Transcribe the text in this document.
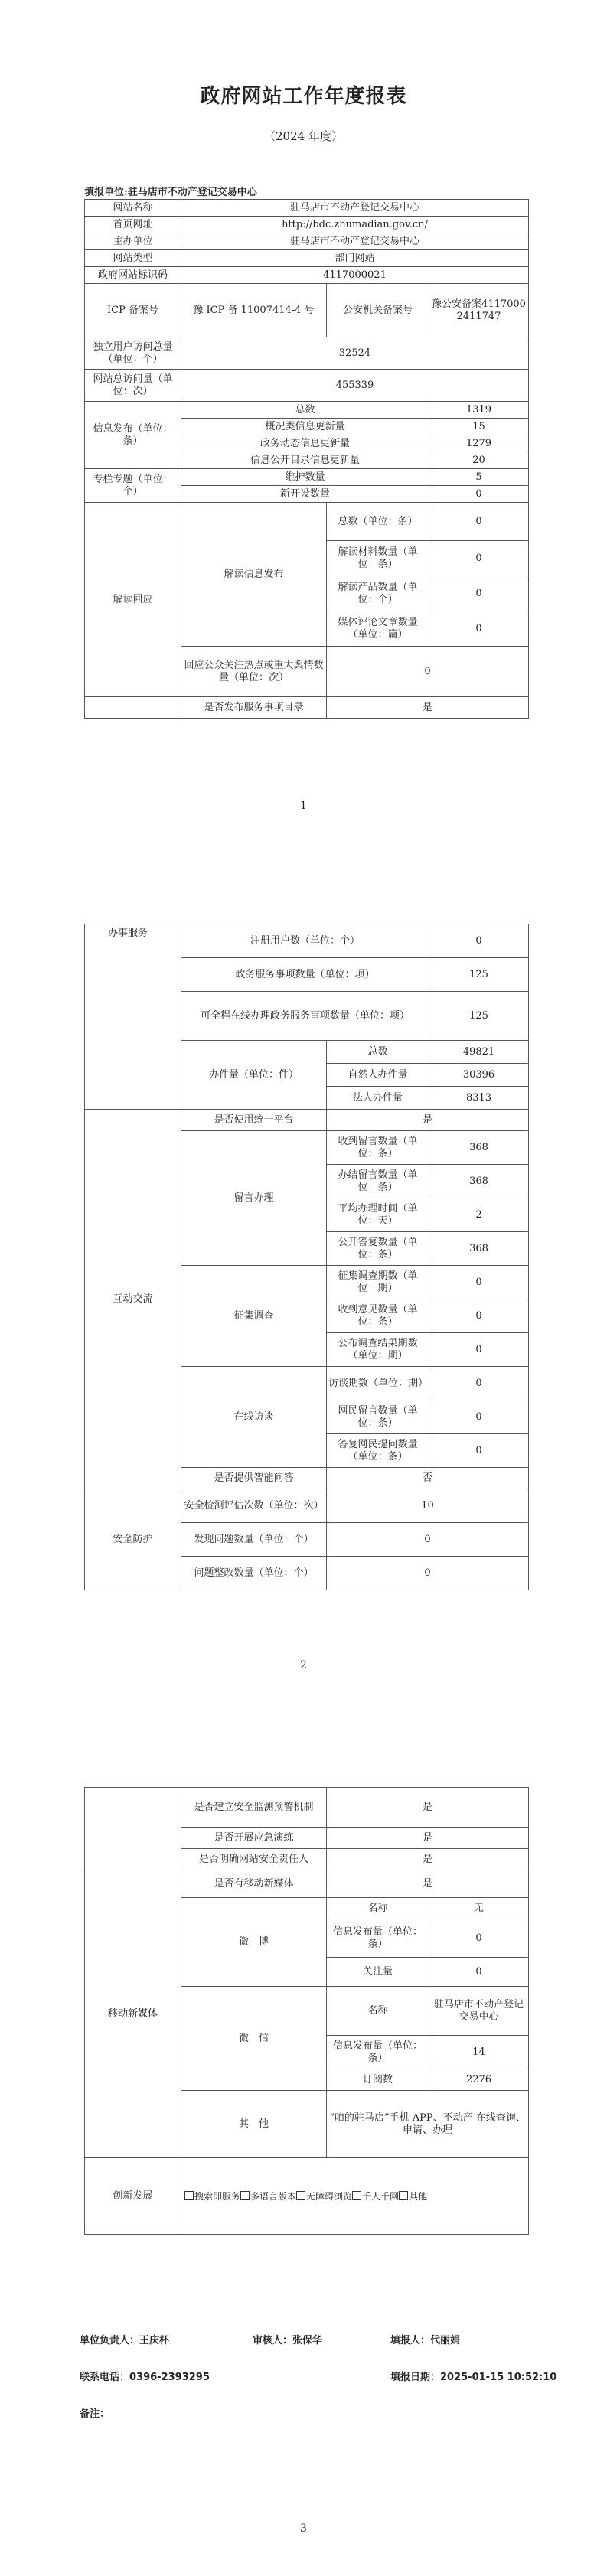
政府网站工作年度报表
（2024 年度）
填报单位:驻马店市不动产登记交易中心
网站名称	驻马店市不动产登记交易中心		
首页网址	http://bdc.zhumadian.gov.cn/		
主办单位	驻马店市不动产登记交易中心		
网站类型	部门网站		
政府网站标识码	4117000021		
ICP 备案号	豫 ICP 备 11007414-4 号	公安机关备案号	豫公安备案41170002411747
独立用户访问总量（单位：个）	32524		
网站总访问量（单位：次）	455339		
信息发布（单位：条）	总数		1319
	概况类信息更新量		15
	政务动态信息更新量		1279
	信息公开目录信息更新量		20
专栏专题（单位：个）	维护数量		5
	新开设数量		0
解读回应	解读信息发布	总数（单位：条）	0
		解读材料数量（单位：条）	0
		解读产品数量（单位：个）	0
		媒体评论文章数量（单位：篇）	0
	回应公众关注热点或重大舆情数量（单位：次）	0	
	是否发布服务事项目录	是	
1
办事服务	注册用户数（单位：个）		0
	政务服务事项数量（单位：项）		125
	可全程在线办理政务服务事项数量（单位：项）		125
	办件量（单位：件）	总数	49821
		自然人办件量	30396
		法人办件量	8313
互动交流	是否使用统一平台	是	
	留言办理	收到留言数量（单位：条）	368
		办结留言数量（单位：条）	368
		平均办理时间（单位：天）	2
		公开答复数量（单位：条）	368
	征集调查	征集调查期数（单位：期）	0
		收到意见数量（单位：条）	0
		公布调查结果期数（单位：期）	0
	在线访谈	访谈期数（单位：期）	0
		网民留言数量（单位：条）	0
		答复网民提问数量（单位：条）	0
	是否提供智能问答	否	
安全防护	安全检测评估次数（单位：次）	10	
	发现问题数量（单位：个）	0	
	问题整改数量（单位：个）	0	
2
	是否建立安全监测预警机制	是	
	是否开展应急演练	是	
	是否明确网站安全责任人	是	
移动新媒体	是否有移动新媒体	是	
	微　博	名称	无
		信息发布量（单位：条）	0
		关注量	0
	微　信	名称	驻马店市不动产登记交易中心
		信息发布量（单位：条）	14
		订阅数	2276
	其　他	“咱的驻马店”手机 APP、不动产 在线查询、申请、办理	
创新发展	搜索即服务 多语言版本 无障碍浏览 千人千网 其他		
单位负责人：王庆杯	审核人：张保华	填报人：代丽娟
联系电话：0396-2393295	填报日期：2025-01-15 10:52:10
备注：
3
